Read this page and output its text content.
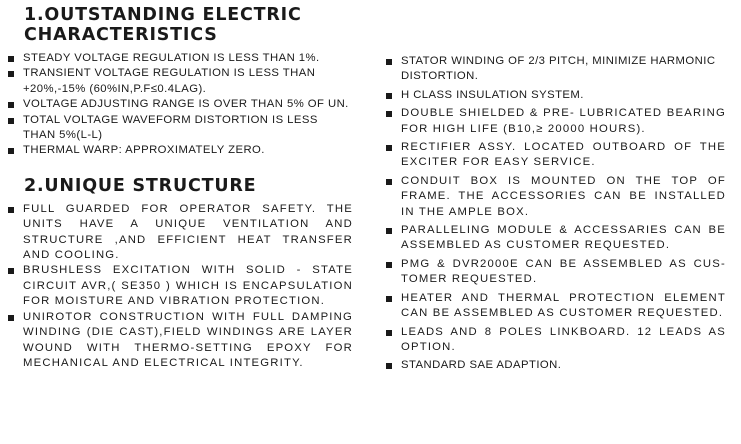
1.OUTSTANDING ELECTRIC CHARACTERISTICS
STEADY VOLTAGE REGULATION IS LESS THAN 1%.
TRANSIENT VOLTAGE REGULATION IS LESS THAN +20%,-15% (60%IN,P.F≤0.4LAG).
VOLTAGE ADJUSTING RANGE IS OVER THAN 5% OF UN.
TOTAL VOLTAGE WAVEFORM DISTORTION IS LESS THAN 5%(L-L)
THERMAL WARP: APPROXIMATELY ZERO.
2.UNIQUE STRUCTURE
FULL GUARDED FOR OPERATOR SAFETY. THE UNITS HAVE A UNIQUE VENTILATION AND STRUCTURE ,AND EFFICIENT HEAT TRANSFER AND COOLING.
BRUSHLESS EXCITATION WITH SOLID - STATE CIRCUIT AVR,( SE350 ) WHICH IS ENCAPSULATION FOR MOISTURE AND VIBRATION PROTECTION.
UNIROTOR CONSTRUCTION WITH FULL DAMPING WINDING (DIE CAST),FIELD WINDINGS ARE LAYER WOUND WITH THERMO-SETTING EPOXY FOR MECHANICAL AND ELECTRICAL INTEGRITY.
STATOR WINDING OF 2/3 PITCH, MINIMIZE HARMONIC DISTORTION.
H CLASS INSULATION SYSTEM.
DOUBLE SHIELDED & PRE- LUBRICATED BEARING FOR HIGH LIFE (B10,≥ 20000 HOURS).
RECTIFIER ASSY. LOCATED OUTBOARD OF THE EXCITER FOR EASY SERVICE.
CONDUIT BOX IS MOUNTED ON THE TOP OF FRAME. THE ACCESSORIES CAN BE INSTALLED IN THE AMPLE BOX.
PARALLELING MODULE & ACCESSARIES CAN BE ASSEMBLED AS CUSTOMER REQUESTED.
PMG & DVR2000E CAN BE ASSEMBLED AS CUS-TOMER REQUESTED.
HEATER AND THERMAL PROTECTION ELEMENT CAN BE ASSEMBLED AS CUSTOMER REQUESTED.
LEADS AND 8 POLES LINKBOARD. 12 LEADS AS OPTION.
STANDARD SAE ADAPTION.
